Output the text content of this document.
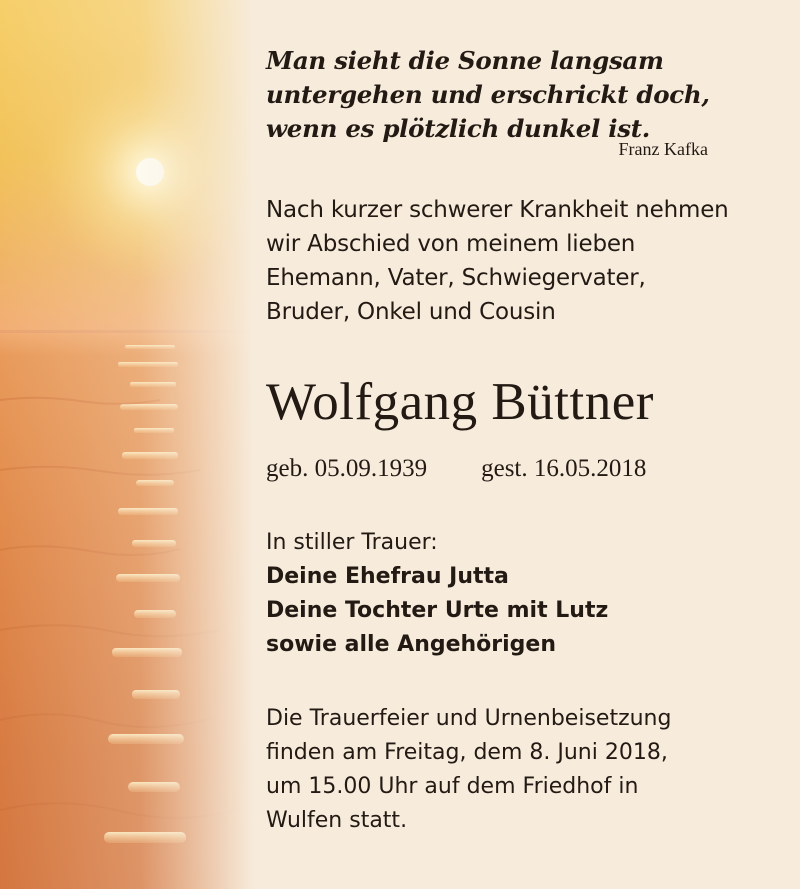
Man sieht die Sonne langsam
untergehen und erschrickt doch,
wenn es plötzlich dunkel ist.

Franz Kafka
Nach kurzer schwerer Krankheit nehmen
wir Abschied von meinem lieben
Ehemann, Vater, Schwiegervater,
Bruder, Onkel und Cousin
Wolfgang Büttner
geb. 05.09.1939 gest. 16.05.2018
In stiller Trauer:
Deine Ehefrau Jutta
Deine Tochter Urte mit Lutz
sowie alle Angehörigen
Die Trauerfeier und Urnenbeisetzung
finden am Freitag, dem 8. Juni 2018,
um 15.00 Uhr auf dem Friedhof in
Wulfen statt.
